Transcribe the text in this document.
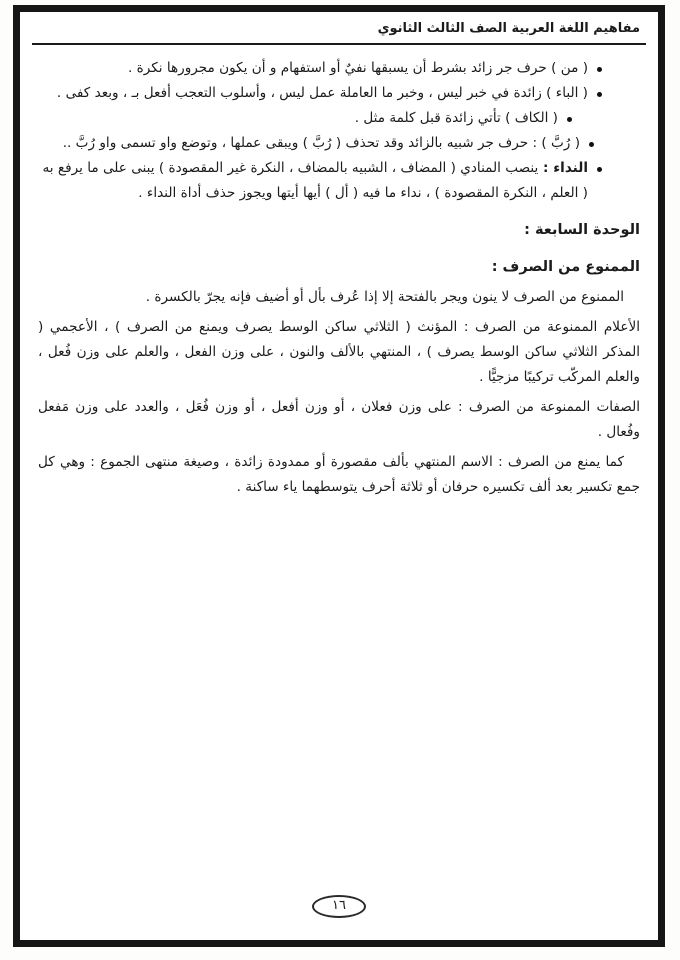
مفاهيم اللغة العربية الصف الثالث الثانوي
( من ) حرف جر زائد بشرط أن يسبقها نفيٌ أو استفهام و أن يكون مجرورها نكرة .
( الباء ) زائدة في خبر ليس ، وخبر ما العاملة عمل ليس ، وأسلوب التعجب أفعل بـ ، وبعد كفى .
( الكاف ) تأتي زائدة قبل كلمة مثل .
( رُبَّ ) : حرف جر شبيه بالزائد وقد تحذف ( رُبَّ ) ويبقى عملها ، وتوضع واو تسمى واو رُبَّ ..
النداء : ينصب المنادي ( المضاف ، الشبيه بالمضاف ، النكرة غير المقصودة ) يبنى على ما يرفع به ( العلم ، النكرة المقصودة ) ، نداء ما فيه ( أل ) أيها أيتها ويجوز حذف أداة النداء .
الوحدة السابعة :
الممنوع من الصرف :

الممنوع من الصرف لا ينون ويجر بالفتحة إلا إذا عُرف بأل أو أضيف فإنه يجرّ بالكسرة .

الأعلام الممنوعة من الصرف : المؤنث ( الثلاثي ساكن الوسط يصرف ويمنع من الصرف ) ، الأعجمي ( المذكر الثلاثي ساكن الوسط يصرف ) ، المنتهي بالألف والنون ، على وزن الفعل ، والعلم على وزن فُعل ، والعلم المركّب تركيبًا مزجيًّا .

الصفات الممنوعة من الصرف : على وزن فعلان ، أو وزن أفعل ، أو وزن فُعَل ، والعدد على وزن مَفعل وفُعال .

كما يمنع من الصرف : الاسم المنتهي بألف مقصورة أو ممدودة زائدة ، وصيغة منتهى الجموع : وهي كل جمع تكسير بعد ألف تكسيره حرفان أو ثلاثة أحرف يتوسطهما ياء ساكنة .

١٦
